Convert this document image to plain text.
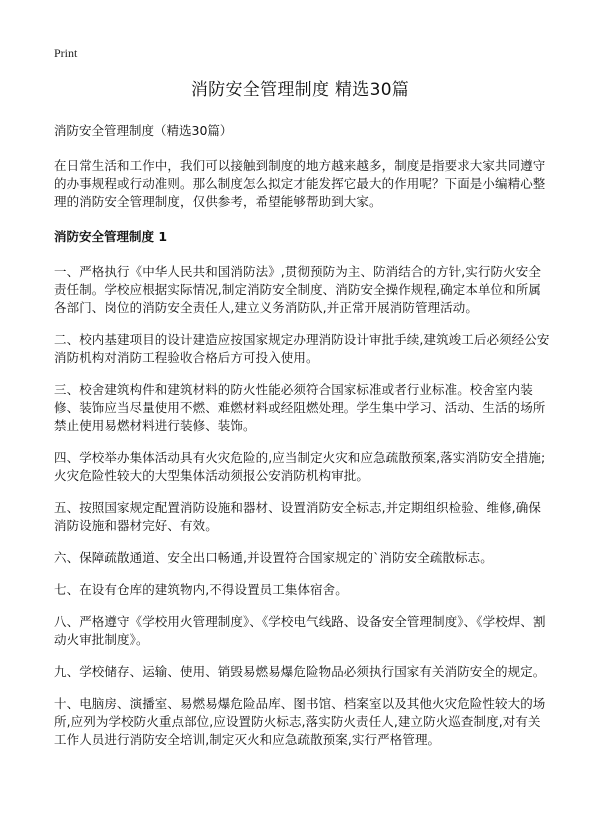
Print
消防安全管理制度 精选30篇

消防安全管理制度（精选30篇）

在日常生活和工作中，我们可以接触到制度的地方越来越多，制度是指要求大家共同遵守的办事规程或行动准则。那么制度怎么拟定才能发挥它最大的作用呢？下面是小编精心整理的消防安全管理制度，仅供参考，希望能够帮助到大家。

消防安全管理制度 1

一、严格执行《中华人民共和国消防法》,贯彻预防为主、防消结合的方针,实行防火安全责任制。学校应根据实际情况,制定消防安全制度、消防安全操作规程,确定本单位和所属各部门、岗位的消防安全责任人,建立义务消防队,并正常开展消防管理活动。

二、校内基建项目的设计建造应按国家规定办理消防设计审批手续,建筑竣工后必须经公安消防机构对消防工程验收合格后方可投入使用。

三、校舍建筑构件和建筑材料的防火性能必须符合国家标准或者行业标准。校舍室内装修、装饰应当尽量使用不燃、难燃材料或经阻燃处理。学生集中学习、活动、生活的场所禁止使用易燃材料进行装修、装饰。

四、学校举办集体活动具有火灾危险的,应当制定火灾和应急疏散预案,落实消防安全措施;火灾危险性较大的大型集体活动须报公安消防机构审批。

五、按照国家规定配置消防设施和器材、设置消防安全标志,并定期组织检验、维修,确保消防设施和器材完好、有效。

六、保障疏散通道、安全出口畅通,并设置符合国家规定的`消防安全疏散标志。

七、在设有仓库的建筑物内,不得设置员工集体宿舍。

八、严格遵守《学校用火管理制度》、《学校电气线路、设备安全管理制度》、《学校焊、割动火审批制度》。

九、学校储存、运输、使用、销毁易燃易爆危险物品必须执行国家有关消防安全的规定。

十、电脑房、演播室、易燃易爆危险品库、图书馆、档案室以及其他火灾危险性较大的场所,应列为学校防火重点部位,应设置防火标志,落实防火责任人,建立防火巡查制度,对有关工作人员进行消防安全培训,制定灭火和应急疏散预案,实行严格管理。
